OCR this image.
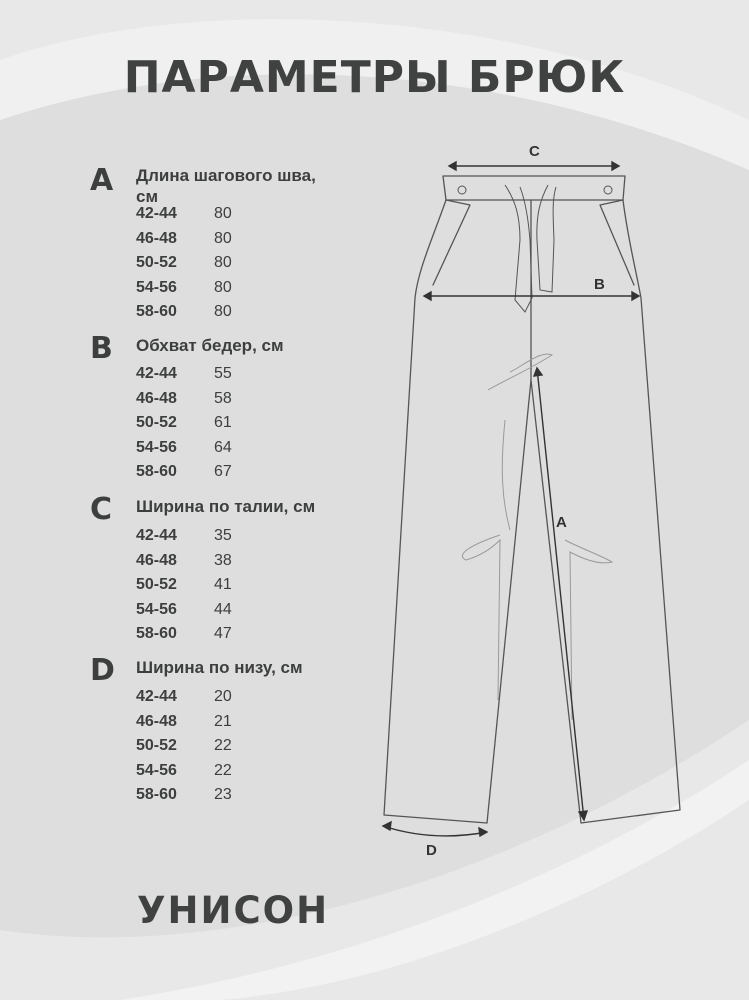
ПАРАМЕТРЫ БРЮК
A Длина шагового шва, см
42-44	80
46-48	80
50-52	80
54-56	80
58-60	80
B Обхват бедер, см
42-44	55
46-48	58
50-52	61
54-56	64
58-60	67
C Ширина по талии, см
42-44	35
46-48	38
50-52	41
54-56	44
58-60	47
D Ширина по низу, см
42-44	20
46-48	21
50-52	22
54-56	22
58-60	23
C
B
A
D
УНИСОН
